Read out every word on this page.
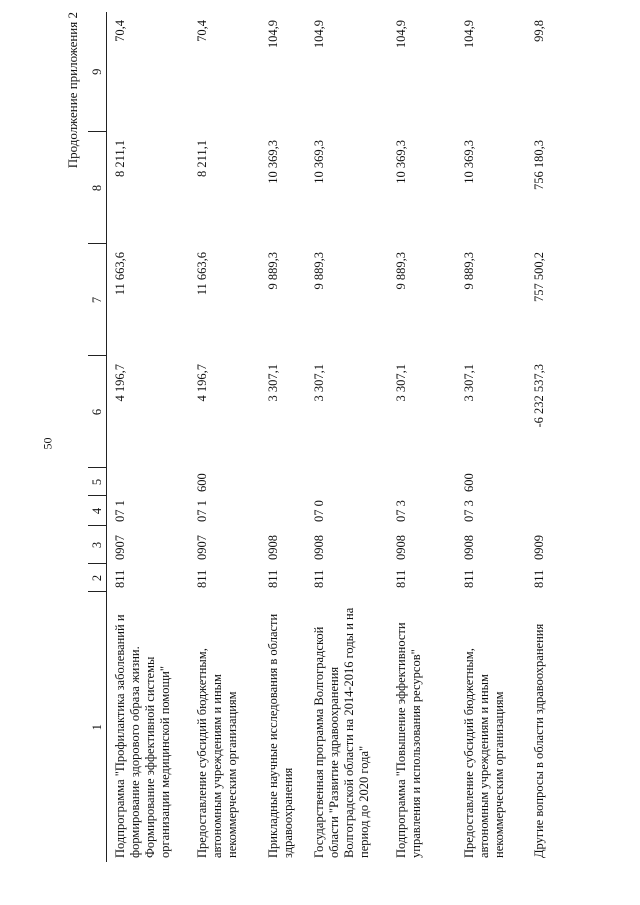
50
Продолжение приложения 2
1	2	3	4	5	6	7	8	9
Подпрограмма "Профилактика заболеваний и формирование здорового образа жизни. Формирование эффективной системы организации медицинской помощи"	811	0907	07 1		4 196,7	11 663,6	8 211,1	70,4
Предоставление субсидий бюджетным, автономным учреждениям и иным некоммерческим организациям	811	0907	07 1	600	4 196,7	11 663,6	8 211,1	70,4
Прикладные научные исследования в области здравоохранения	811	0908			3 307,1	9 889,3	10 369,3	104,9
Государственная программа Волгоградской области "Развитие здравоохранения Волгоградской области на 2014-2016 годы и на период до 2020 года"	811	0908	07 0		3 307,1	9 889,3	10 369,3	104,9
Подпрограмма "Повышение эффективности управления и использования ресурсов"	811	0908	07 3		3 307,1	9 889,3	10 369,3	104,9
Предоставление субсидий бюджетным, автономным учреждениям и иным некоммерческим организациям	811	0908	07 3	600	3 307,1	9 889,3	10 369,3	104,9
Другие вопросы в области здравоохранения	811	0909			-6 232 537,3	757 500,2	756 180,3	99,8
